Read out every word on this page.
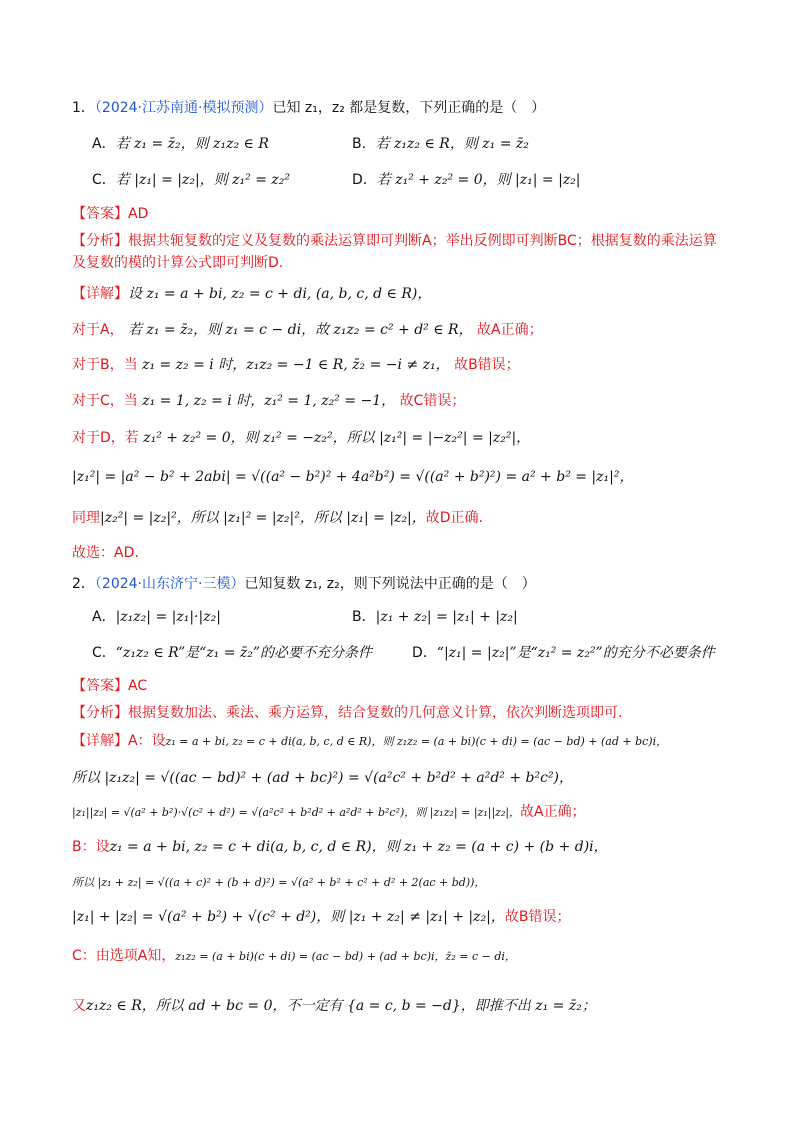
1．（2024·江苏南通·模拟预测）已知 z₁，z₂ 都是复数，下列正确的是（　）
A．若 z₁ = z̄₂，则 z₁z₂ ∈ R	B．若 z₁z₂ ∈ R，则 z₁ = z̄₂
C．若 |z₁| = |z₂|，则 z₁² = z₂²	D．若 z₁² + z₂² = 0，则 |z₁| = |z₂|
【答案】AD
【分析】根据共轭复数的定义及复数的乘法运算即可判断A；举出反例即可判断BC；根据复数的乘法运算
及复数的模的计算公式即可判断D.
【详解】设 z₁ = a + bi, z₂ = c + di, (a, b, c, d ∈ R)，
对于A， 若 z₁ = z̄₂，则 z₁ = c − di，故 z₁z₂ = c² + d² ∈ R， 故A正确；
对于B，当 z₁ = z₂ = i 时，z₁z₂ = −1 ∈ R, z̄₂ = −i ≠ z₁， 故B错误；
对于C，当 z₁ = 1, z₂ = i 时，z₁² = 1, z₂² = −1， 故C错误；
对于D，若 z₁² + z₂² = 0，则 z₁² = −z₂²，所以 |z₁²| = |−z₂²| = |z₂²|，
|z₁²| = |a² − b² + 2abi| = √((a² − b²)² + 4a²b²) = √((a² + b²)²) = a² + b² = |z₁|²，
同理|z₂²| = |z₂|²，所以 |z₁|² = |z₂|²，所以 |z₁| = |z₂|，故D正确.
故选：AD.
2．（2024·山东济宁·三模）已知复数 z₁, z₂，则下列说法中正确的是（　）
A．|z₁z₂| = |z₁|·|z₂|	B．|z₁ + z₂| = |z₁| + |z₂|
C．“z₁z₂ ∈ R”是“z₁ = z̄₂”的必要不充分条件	D．“|z₁| = |z₂|”是“z₁² = z₂²”的充分不必要条件
【答案】AC
【分析】根据复数加法、乘法、乘方运算，结合复数的几何意义计算，依次判断选项即可.
【详解】A：设z₁ = a + bi, z₂ = c + di(a, b, c, d ∈ R)，则 z₁z₂ = (a + bi)(c + di) = (ac − bd) + (ad + bc)i，
所以 |z₁z₂| = √((ac − bd)² + (ad + bc)²) = √(a²c² + b²d² + a²d² + b²c²)，
|z₁||z₂| = √(a² + b²)·√(c² + d²) = √(a²c² + b²d² + a²d² + b²c²)，则 |z₁z₂| = |z₁||z₂|，故A正确；
B：设z₁ = a + bi, z₂ = c + di(a, b, c, d ∈ R)，则 z₁ + z₂ = (a + c) + (b + d)i，
所以 |z₁ + z₂| = √((a + c)² + (b + d)²) = √(a² + b² + c² + d² + 2(ac + bd))，
|z₁| + |z₂| = √(a² + b²) + √(c² + d²)，则 |z₁ + z₂| ≠ |z₁| + |z₂|，故B错误；
C：由选项A知，z₁z₂ = (a + bi)(c + di) = (ac − bd) + (ad + bc)i，z̄₂ = c − di，
又z₁z₂ ∈ R，所以 ad + bc = 0，不一定有 {a = c, b = −d}，即推不出 z₁ = z̄₂；
